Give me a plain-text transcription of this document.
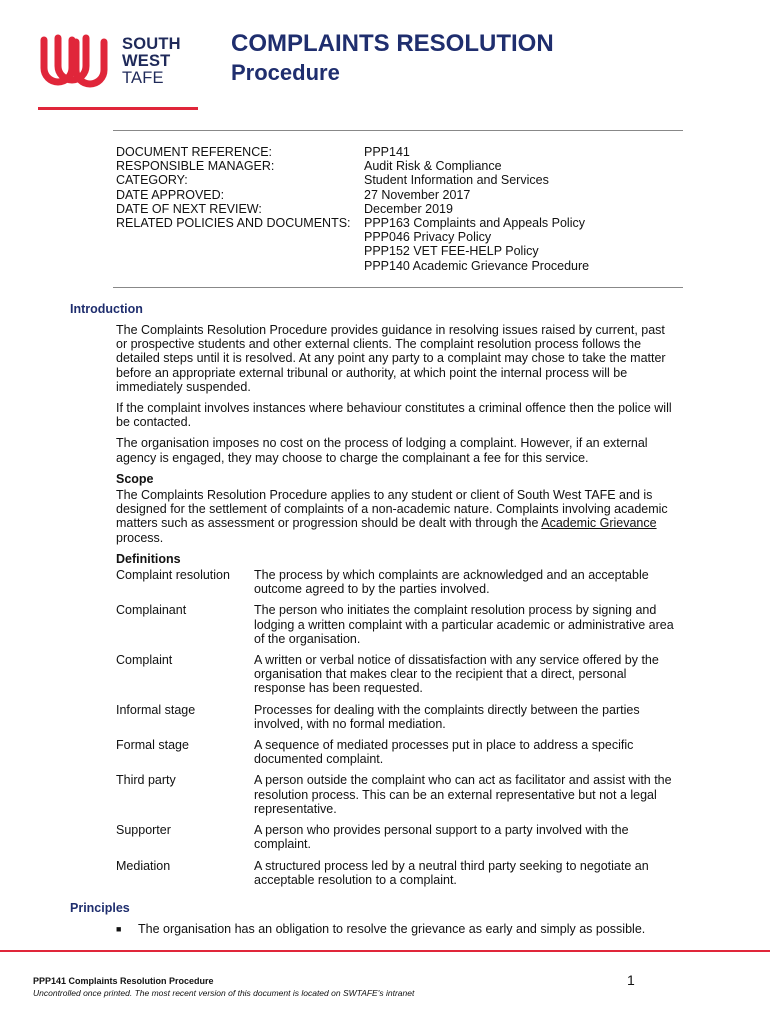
SOUTH
WEST
TAFE
COMPLAINTS RESOLUTION
Procedure
DOCUMENT REFERENCE:	PPP141
RESPONSIBLE MANAGER:	Audit Risk & Compliance
CATEGORY:	Student Information and Services
DATE APPROVED:	27 November 2017
DATE OF NEXT REVIEW:	December 2019
RELATED POLICIES AND DOCUMENTS:	PPP163 Complaints and Appeals Policy
PPP046 Privacy Policy
PPP152 VET FEE-HELP Policy
PPP140 Academic Grievance Procedure
Introduction

The Complaints Resolution Procedure provides guidance in resolving issues raised by current, past or prospective students and other external clients. The complaint resolution process follows the detailed steps until it is resolved. At any point any party to a complaint may chose to take the matter before an appropriate external tribunal or authority, at which point the internal process will be immediately suspended.

If the complaint involves instances where behaviour constitutes a criminal offence then the police will be contacted.

The organisation imposes no cost on the process of lodging a complaint. However, if an external agency is engaged, they may choose to charge the complainant a fee for this service.

Scope

The Complaints Resolution Procedure applies to any student or client of South West TAFE and is designed for the settlement of complaints of a non-academic nature. Complaints involving academic matters such as assessment or progression should be dealt with through the Academic Grievance process.

Definitions
Complaint resolution	The process by which complaints are acknowledged and an acceptable outcome agreed to by the parties involved.
Complainant	The person who initiates the complaint resolution process by signing and lodging a written complaint with a particular academic or administrative area of the organisation.
Complaint	A written or verbal notice of dissatisfaction with any service offered by the organisation that makes clear to the recipient that a direct, personal response has been requested.
Informal stage	Processes for dealing with the complaints directly between the parties involved, with no formal mediation.
Formal stage	A sequence of mediated processes put in place to address a specific documented complaint.
Third party	A person outside the complaint who can act as facilitator and assist with the resolution process. This can be an external representative but not a legal representative.
Supporter	A person who provides personal support to a party involved with the complaint.
Mediation	A structured process led by a neutral third party seeking to negotiate an acceptable resolution to a complaint.
Principles
■	The organisation has an obligation to resolve the grievance as early and simply as possible.
PPP141 Complaints Resolution Procedure
Uncontrolled once printed. The most recent version of this document is located on SWTAFE's intranet
1
